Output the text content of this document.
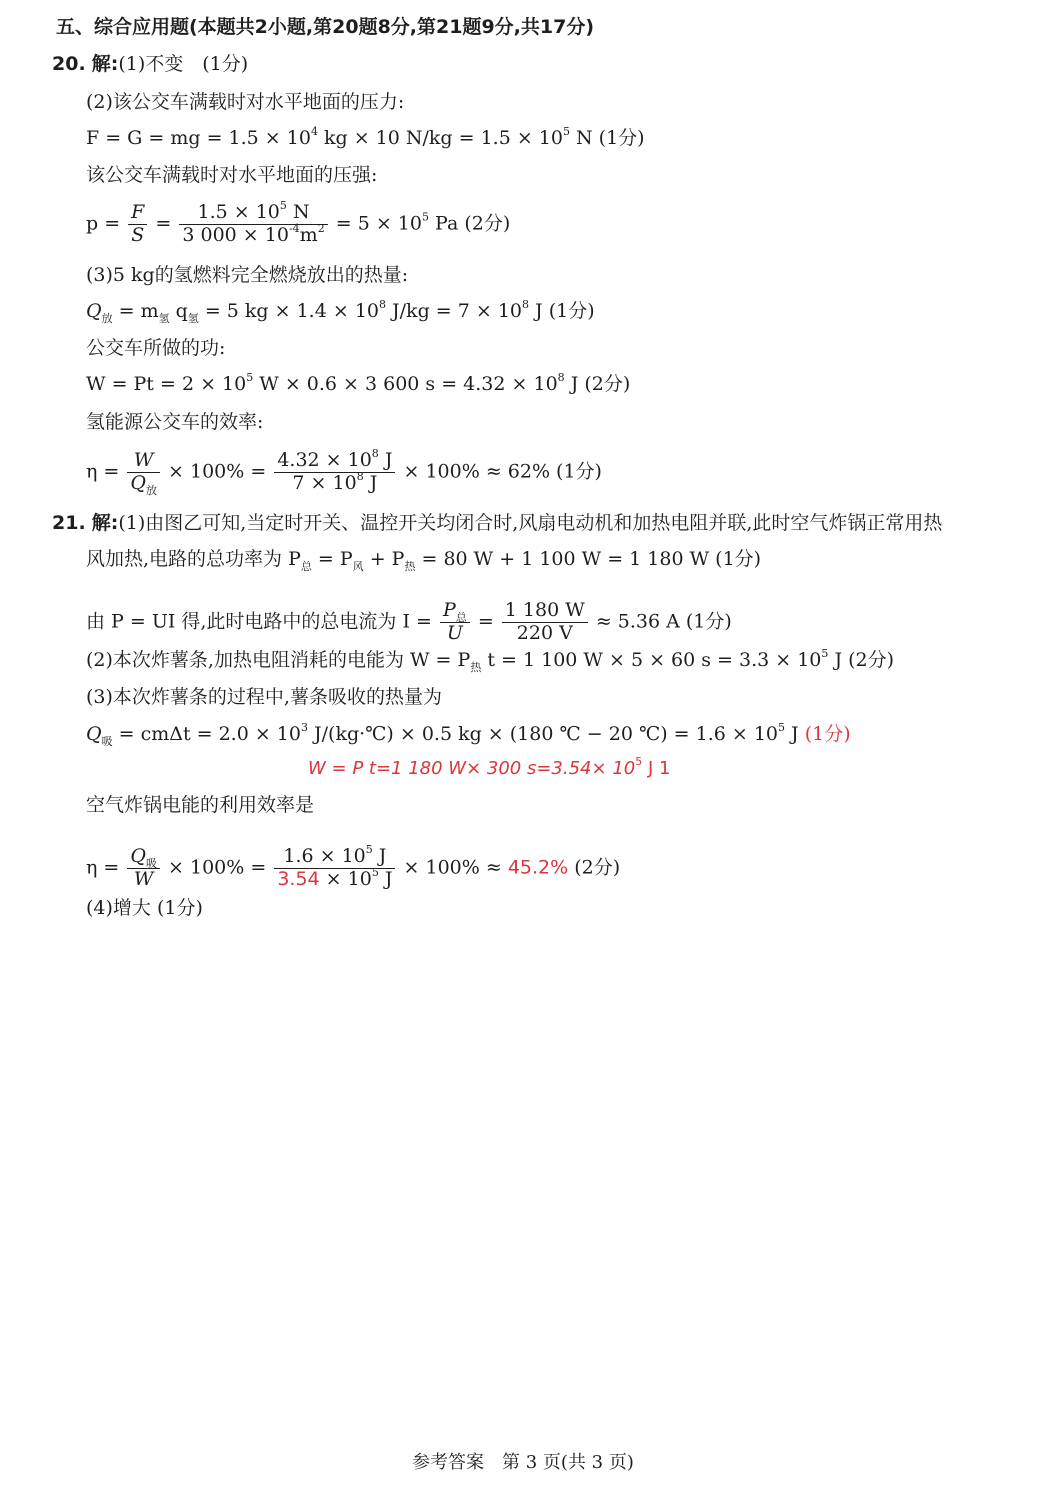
五、综合应用题(本题共2小题,第20题8分,第21题9分,共17分)
20. 解:(1)不变　(1分)
(2)该公交车满载时对水平地面的压力:
F = G = mg = $1.5 \times 10^4$ kg × 10 $N/kg = 1.5 \times 10^5$ N (1分)
该公交车满载时对水平地面的压强:
$p = \frac{F}{S} = \frac{1.5 \times 10^5 N}{3 000 \times 10^{-4}m^2} = 5 \times 10^5$ Pa (2分)
(3)5 kg的氢燃料完全燃烧放出的热量:
$Q_放 = m_氢$ $q_氢 = 5$ kg × $1.4 \times 10^8$ $J/kg = 7 \times 10^8$ J (1分)
公交车所做的功:
$W = Pt = 2 \times 10^5$ W × 0.6 × 3 600 $s = 4.32 \times 10^8$ J (2分)
氢能源公交车的效率:
$\eta = \frac{W}{Q_放} \times 100\% = \frac{4.32 \times 10^8 J}{7 \times 10^8 J} \times 100\% \approx 62\%$ (1分)
21. 解:(1)由图乙可知,当定时开关、温控开关均闭合时,风扇电动机和加热电阻并联,此时空气炸锅正常用热
风加热,电路的总功率为 $P_总 = P_风 + P_热 = 80$ W + 1 100 W = 1 180 W (1分)
由 P = UI 得,此时电路中的总电流为 $I = \frac{P_总}{U} = \frac{1 180 W}{220 V} \approx 5.36$ A (1分)
(2)本次炸薯条,加热电阻消耗的电能为 $W = P_热$ t = 1 100 W × 5 × 60 $s = 3.3 \times 10^5$ J (2分)
(3)本次炸薯条的过程中,薯条吸收的热量为
$Q_吸 = cm\Delta t = 2.0 \times 10^3$ J/(kg·℃) × 0.5 kg × (180 ℃ − 20 ℃) = $1.6 \times 10^5$ J (1分)
W = P t=1 180 W× 300 $s=3.54\times 10^5$ J 1
空气炸锅电能的利用效率是
$\eta = \frac{Q_吸}{W} \times 100\% = \frac{1.6 \times 10^5 J}{3.54 \times 10^5 J} \times 100\% \approx 45.2\%$ (2分)
(4)增大 (1分)
参考答案　第 3 页(共 3 页)
